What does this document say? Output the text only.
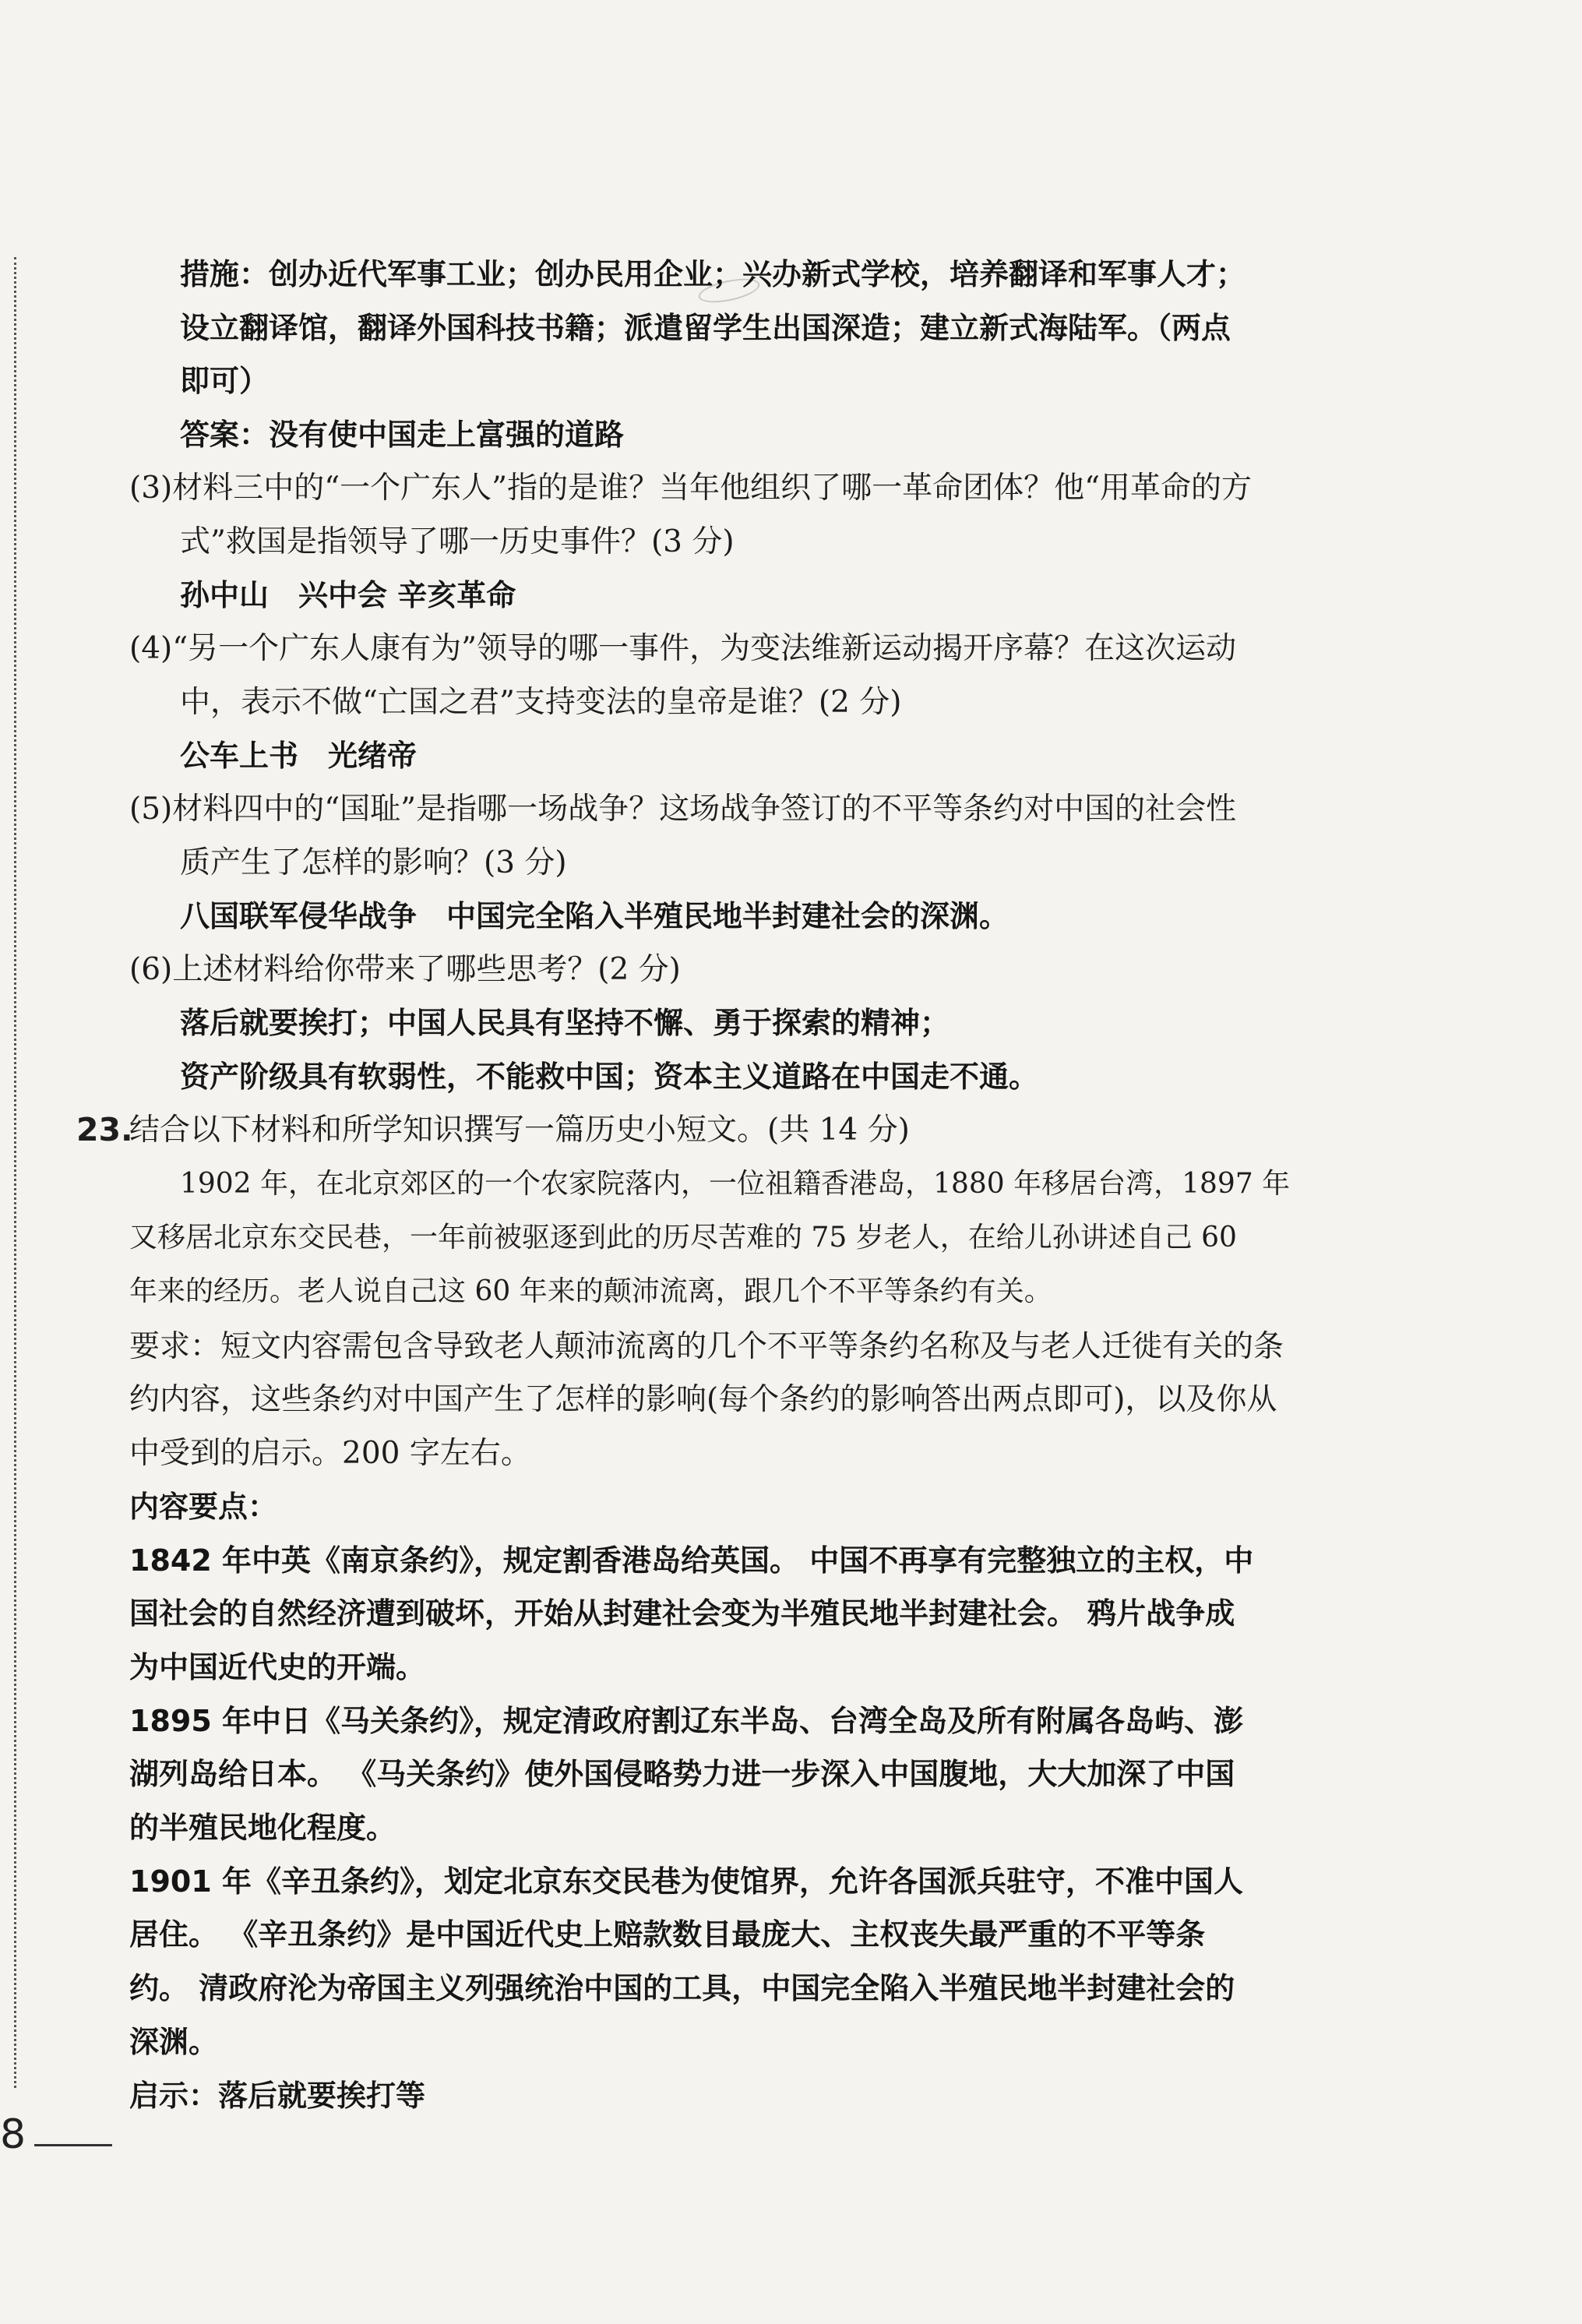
措施：创办近代军事工业；创办民用企业；兴办新式学校，培养翻译和军事人才；
设立翻译馆，翻译外国科技书籍；派遣留学生出国深造；建立新式海陆军。（两点
即可）
答案：没有使中国走上富强的道路
(3)材料三中的“一个广东人”指的是谁？当年他组织了哪一革命团体？他“用革命的方
式”救国是指领导了哪一历史事件？(3 分)
孙中山　兴中会 辛亥革命
(4)“另一个广东人康有为”领导的哪一事件，为变法维新运动揭开序幕？在这次运动
中，表示不做“亡国之君”支持变法的皇帝是谁？(2 分)
公车上书　光绪帝
(5)材料四中的“国耻”是指哪一场战争？这场战争签订的不平等条约对中国的社会性
质产生了怎样的影响？(3 分)
八国联军侵华战争　中国完全陷入半殖民地半封建社会的深渊。
(6)上述材料给你带来了哪些思考？(2 分)
落后就要挨打；中国人民具有坚持不懈、勇于探索的精神；
资产阶级具有软弱性，不能救中国；资本主义道路在中国走不通。
23.
结合以下材料和所学知识撰写一篇历史小短文。(共 14 分)
1902 年，在北京郊区的一个农家院落内，一位祖籍香港岛，1880 年移居台湾，1897 年
又移居北京东交民巷，一年前被驱逐到此的历尽苦难的 75 岁老人，在给儿孙讲述自己 60
年来的经历。老人说自己这 60 年来的颠沛流离，跟几个不平等条约有关。
要求：短文内容需包含导致老人颠沛流离的几个不平等条约名称及与老人迁徙有关的条
约内容，这些条约对中国产生了怎样的影响(每个条约的影响答出两点即可)，以及你从
中受到的启示。200 字左右。
内容要点：
1842 年中英《南京条约》，规定割香港岛给英国。 中国不再享有完整独立的主权，中
国社会的自然经济遭到破坏，开始从封建社会变为半殖民地半封建社会。 鸦片战争成
为中国近代史的开端。
1895 年中日《马关条约》，规定清政府割辽东半岛、台湾全岛及所有附属各岛屿、澎
湖列岛给日本。 《马关条约》使外国侵略势力进一步深入中国腹地，大大加深了中国
的半殖民地化程度。
1901 年《辛丑条约》，划定北京东交民巷为使馆界，允许各国派兵驻守，不准中国人
居住。 《辛丑条约》是中国近代史上赔款数目最庞大、主权丧失最严重的不平等条
约。 清政府沦为帝国主义列强统治中国的工具，中国完全陷入半殖民地半封建社会的
深渊。
启示：落后就要挨打等
8
